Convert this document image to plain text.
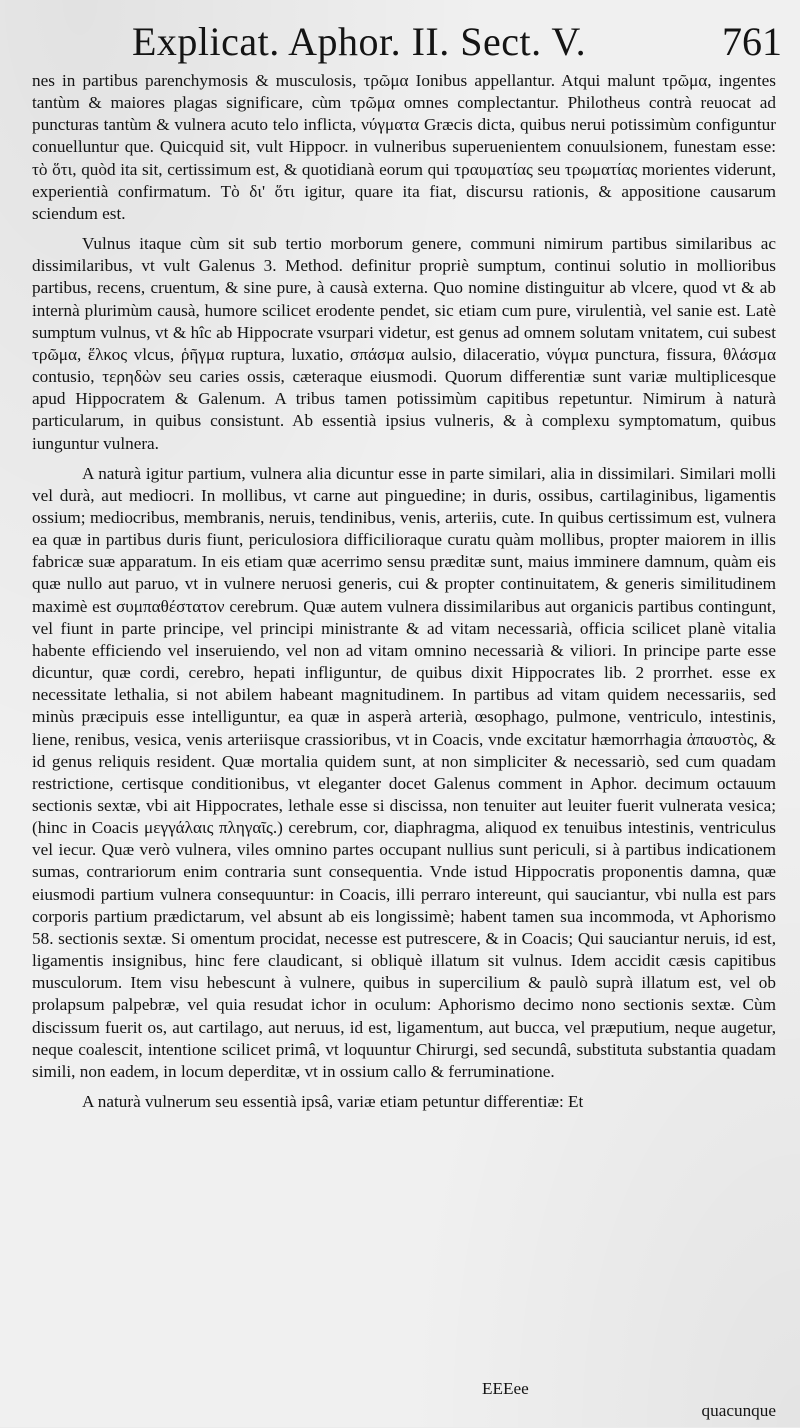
Explicat. Aphor. II. Sect. V.	761

nes in partibus parenchymosis & musculosis, τρῶμα Ionibus appellantur. Atqui malunt τρῶμα, ingentes tantùm & maiores plagas significare, cùm τρῶμα omnes complectantur. Philotheus contrà reuocat ad puncturas tantùm & vulnera acuto telo inflicta, νύγματα Græcis dicta, quibus nerui potissimùm configuntur conuelluntur que. Quicquid sit, vult Hippocr. in vulneribus superuenientem conuulsionem, funestam esse: τὸ ὅτι, quòd ita sit, certissimum est, & quotidianà eorum qui τραυματίας seu τρωματίας morientes viderunt, experientià confirmatum. Τὸ δι' ὅτι igitur, quare ita fiat, discursu rationis, & appositione causarum sciendum est.

Vulnus itaque cùm sit sub tertio morborum genere, communi nimirum partibus similaribus ac dissimilaribus, vt vult Galenus 3. Method. definitur propriè sumptum, continui solutio in mollioribus partibus, recens, cruentum, & sine pure, à causà externa. Quo nomine distinguitur ab vlcere, quod vt & ab internà plurimùm causà, humore scilicet erodente pendet, sic etiam cum pure, virulentià, vel sanie est. Latè sumptum vulnus, vt & hîc ab Hippocrate vsurpari videtur, est genus ad omnem solutam vnitatem, cui subest τρῶμα, ἕλκος vlcus, ῥῆγμα ruptura, luxatio, σπάσμα aulsio, dilaceratio, νύγμα punctura, fissura, θλάσμα contusio, τερηδὼν seu caries ossis, cæteraque eiusmodi. Quorum differentiæ sunt variæ multiplicesque apud Hippocratem & Galenum. A tribus tamen potissimùm capitibus repetuntur. Nimirum à naturà particularum, in quibus consistunt. Ab essentià ipsius vulneris, & à complexu symptomatum, quibus iunguntur vulnera.

A naturà igitur partium, vulnera alia dicuntur esse in parte similari, alia in dissimilari. Similari molli vel durà, aut mediocri. In mollibus, vt carne aut pinguedine; in duris, ossibus, cartilaginibus, ligamentis ossium; mediocribus, membranis, neruis, tendinibus, venis, arteriis, cute. In quibus certissimum est, vulnera ea quæ in partibus duris fiunt, periculosiora difficilioraque curatu quàm mollibus, propter maiorem in illis fabricæ suæ apparatum. In eis etiam quæ acerrimo sensu præditæ sunt, maius imminere damnum, quàm eis quæ nullo aut paruo, vt in vulnere neruosi generis, cui & propter continuitatem, & generis similitudinem maximè est συμπαθέστατον cerebrum. Quæ autem vulnera dissimilaribus aut organicis partibus contingunt, vel fiunt in parte principe, vel principi ministrante & ad vitam necessarià, officia scilicet planè vitalia habente efficiendo vel inseruiendo, vel non ad vitam omnino necessarià & viliori. In principe parte esse dicuntur, quæ cordi, cerebro, hepati infliguntur, de quibus dixit Hippocrates lib. 2 prorrhet. esse ex necessitate lethalia, si not abilem habeant magnitudinem. In partibus ad vitam quidem necessariis, sed minùs præcipuis esse intelliguntur, ea quæ in asperà arterià, œsophago, pulmone, ventriculo, intestinis, liene, renibus, vesica, venis arteriisque crassioribus, vt in Coacis, vnde excitatur hæmorrhagia ἀπαυστὸς, & id genus reliquis resident. Quæ mortalia quidem sunt, at non simpliciter & necessariò, sed cum quadam restrictione, certisque conditionibus, vt eleganter docet Galenus comment in Aphor. decimum octauum sectionis sextæ, vbi ait Hippocrates, lethale esse si discissa, non tenuiter aut leuiter fuerit vulnerata vesica; (hinc in Coacis μεγγάλαις πληγαῖς.) cerebrum, cor, diaphragma, aliquod ex tenuibus intestinis, ventriculus vel iecur. Quæ verò vulnera, viles omnino partes occupant nullius sunt periculi, si à partibus indicationem sumas, contrariorum enim contraria sunt consequentia. Vnde istud Hippocratis proponentis damna, quæ eiusmodi partium vulnera consequuntur: in Coacis, illi perraro intereunt, qui sauciantur, vbi nulla est pars corporis partium prædictarum, vel absunt ab eis longissimè; habent tamen sua incommoda, vt Aphorismo 58. sectionis sextæ. Si omentum procidat, necesse est putrescere, & in Coacis; Qui sauciantur neruis, id est, ligamentis insignibus, hinc fere claudicant, si obliquè illatum sit vulnus. Idem accidit cæsis capitibus musculorum. Item visu hebescunt à vulnere, quibus in supercilium & paulò suprà illatum est, vel ob prolapsum palpebræ, vel quia resudat ichor in oculum: Aphorismo decimo nono sectionis sextæ. Cùm discissum fuerit os, aut cartilago, aut neruus, id est, ligamentum, aut bucca, vel præputium, neque augetur, neque coalescit, intentione scilicet primâ, vt loquuntur Chirurgi, sed secundâ, substituta substantia quadam simili, non eadem, in locum deperditæ, vt in ossium callo & ferruminatione.

A naturà vulnerum seu essentià ipsâ, variæ etiam petuntur differentiæ: Et

EEEee
quacunque
